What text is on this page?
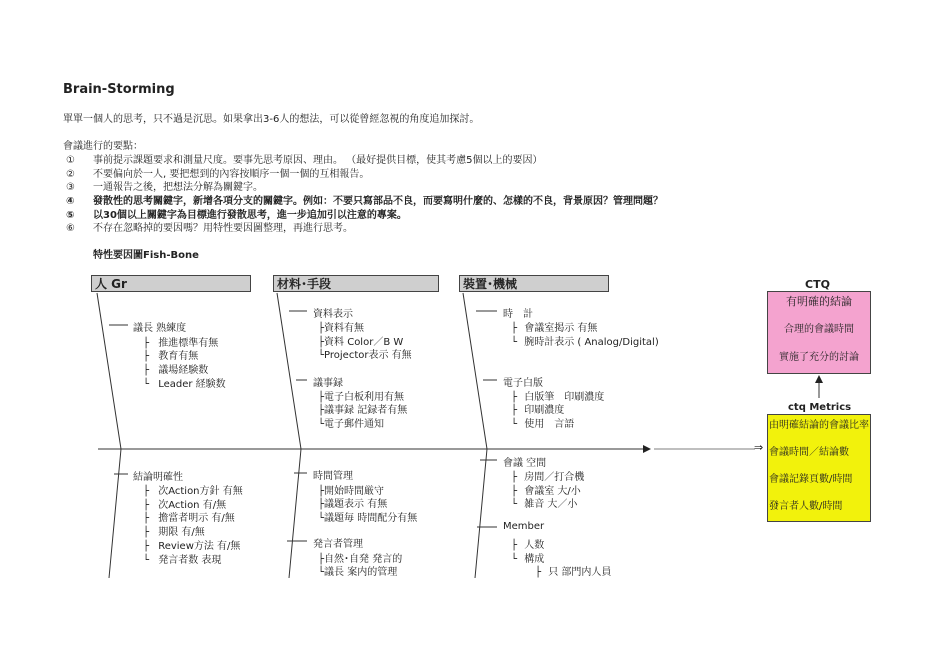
Brain-Storming
單單一個人的思考，只不過是沉思。如果拿出3-6人的想法，可以從曾經忽視的角度追加探討。
會議進行的要點：
① 事前提示課題要求和測量尺度。要事先思考原因、理由。 （最好提供目標，使其考慮5個以上的要因）
② 不要偏向於一人, 要把想到的內容按順序一個一個的互相報告。
③ 一通報告之後，把想法分解為關鍵字。
④ 發散性的思考關鍵字，新增各項分支的關鍵字。例如：不要只寫部品不良，而要寫明什麼的、怎樣的不良，背景原因？管理問題？
⑤ 以30個以上關鍵字為目標進行發散思考，進一步追加引以注意的專案。
⑥ 不存在忽略掉的要因嗎？用特性要因圖整理，再進行思考。
特性要因圖Fish-Bone
人 Gr	材料･手段	裝置･機械
議長 熟練度
├ 推進標準有無
├ 教育有無
├ 議場経験数
└ Leader 経験数
結論明確性
├ 次Action方針 有無
├ 次Action 有/無
├ 擔當者明示 有/無
├ 期限 有/無
├ Review方法 有/無
└ 発言者数 表現
資料表示
├資料有無
├資料 Color／B W
└Projector表示 有無
議事録
├電子白板利用有無
├議事録 記録者有無
└電子郵件通知
時間管理
├開始時間厳守
├議題表示 有無
└議題毎 時間配分有無
発言者管理
├自然･自発 発言的
└議長 案内的管理
時　計
├ 會議室掲示 有無
└ 腕時計表示 ( Analog/Digital)
電子白版
├ 白版筆　印刷濃度
├ 印刷濃度
└ 使用　言語
會議 空間
├ 房間／打合機
├ 會議室 大/小
└ 雑音 大／小
Member
├ 人数
└ 構成
├ 只 部門内人員
CTQ
有明確的結論
合理的會議時間
實施了充分的討論
⇒
ctq Metrics
由明確結論的會議比率
會議時間／結論數
會議記錄頁數/時間
發言者人數/時間
